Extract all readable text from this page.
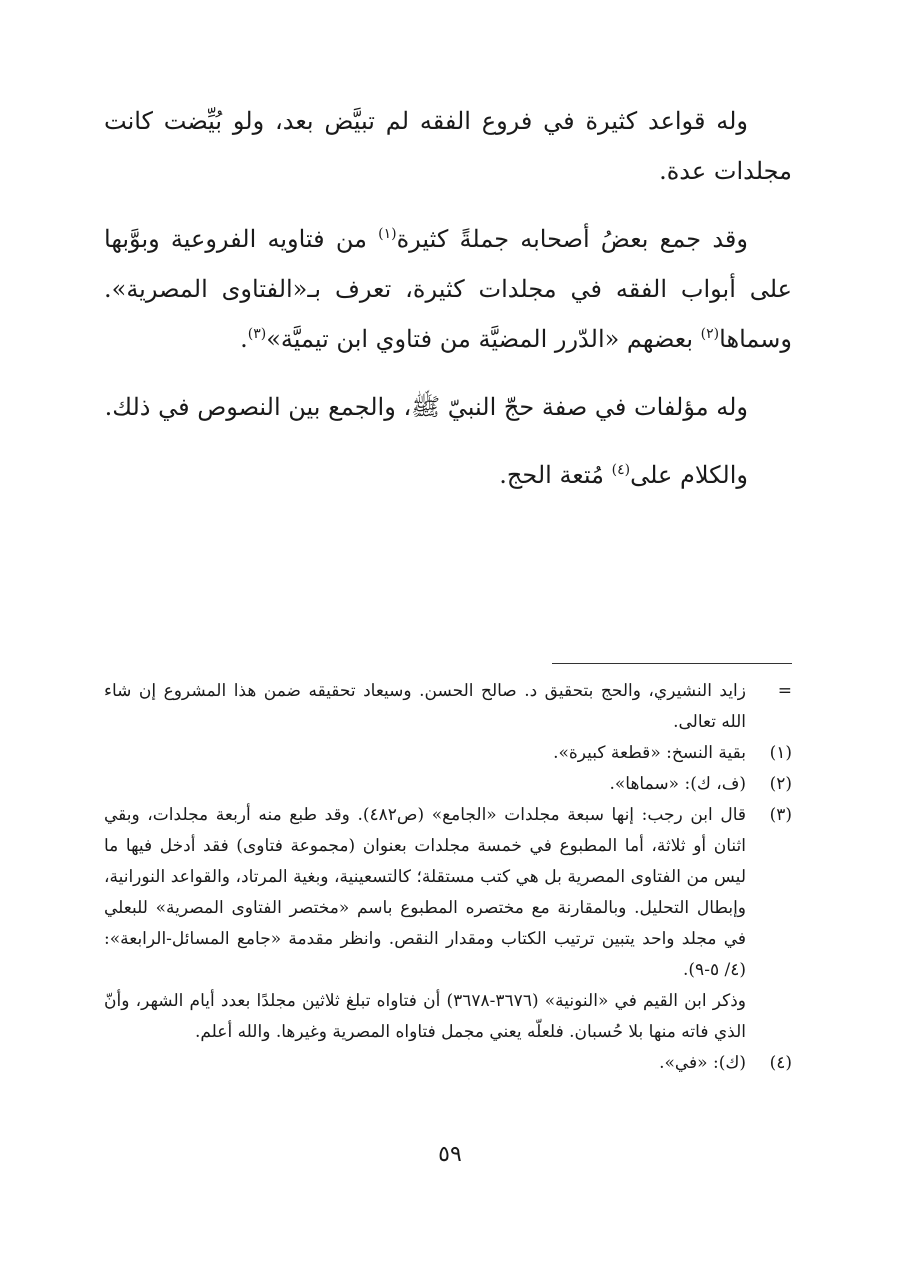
وله قواعد كثيرة في فروع الفقه لم تبيَّض بعد، ولو بُيِّضت كانت مجلدات عدة.

وقد جمع بعضُ أصحابه جملةً كثيرة$^{(١)}$ من فتاويه الفروعية وبوَّبها على أبواب الفقه في مجلدات كثيرة، تعرف بـ«الفتاوى المصرية». وسماها$^{(٢)}$ بعضهم «الدّرر المضيَّة من فتاوي ابن تيميَّة»$^{(٣)}$.

وله مؤلفات في صفة حجّ النبيّ ﷺ، والجمع بين النصوص في ذلك.

والكلام على$^{(٤)}$ مُتعة الحج.

=

زايد النشيري، والحج بتحقيق د. صالح الحسن. وسيعاد تحقيقه ضمن هذا المشروع إن شاء الله تعالى.

(١)

بقية النسخ: «قطعة كبيرة».

(٢)

(ف، ك): «سماها».

(٣)

قال ابن رجب: إنها سبعة مجلدات «الجامع» (ص٤٨٢). وقد طبع منه أربعة مجلدات، وبقي اثنان أو ثلاثة، أما المطبوع في خمسة مجلدات بعنوان (مجموعة فتاوى) فقد أدخل فيها ما ليس من الفتاوى المصرية بل هي كتب مستقلة؛ كالتسعينية، وبغية المرتاد، والقواعد النورانية، وإبطال التحليل. وبالمقارنة مع مختصره المطبوع باسم «مختصر الفتاوى المصرية» للبعلي في مجلد واحد يتبين ترتيب الكتاب ومقدار النقص. وانظر مقدمة «جامع المسائل-الرابعة»: (٤/ ٥-٩).

وذكر ابن القيم في «النونية» (٣٦٧٦-٣٦٧٨) أن فتاواه تبلغ ثلاثين مجلدًا بعدد أيام الشهر، وأنّ الذي فاته منها بلا حُسبان. فلعلّه يعني مجمل فتاواه المصرية وغيرها. والله أعلم.

(٤)

(ك): «في».

٥٩
